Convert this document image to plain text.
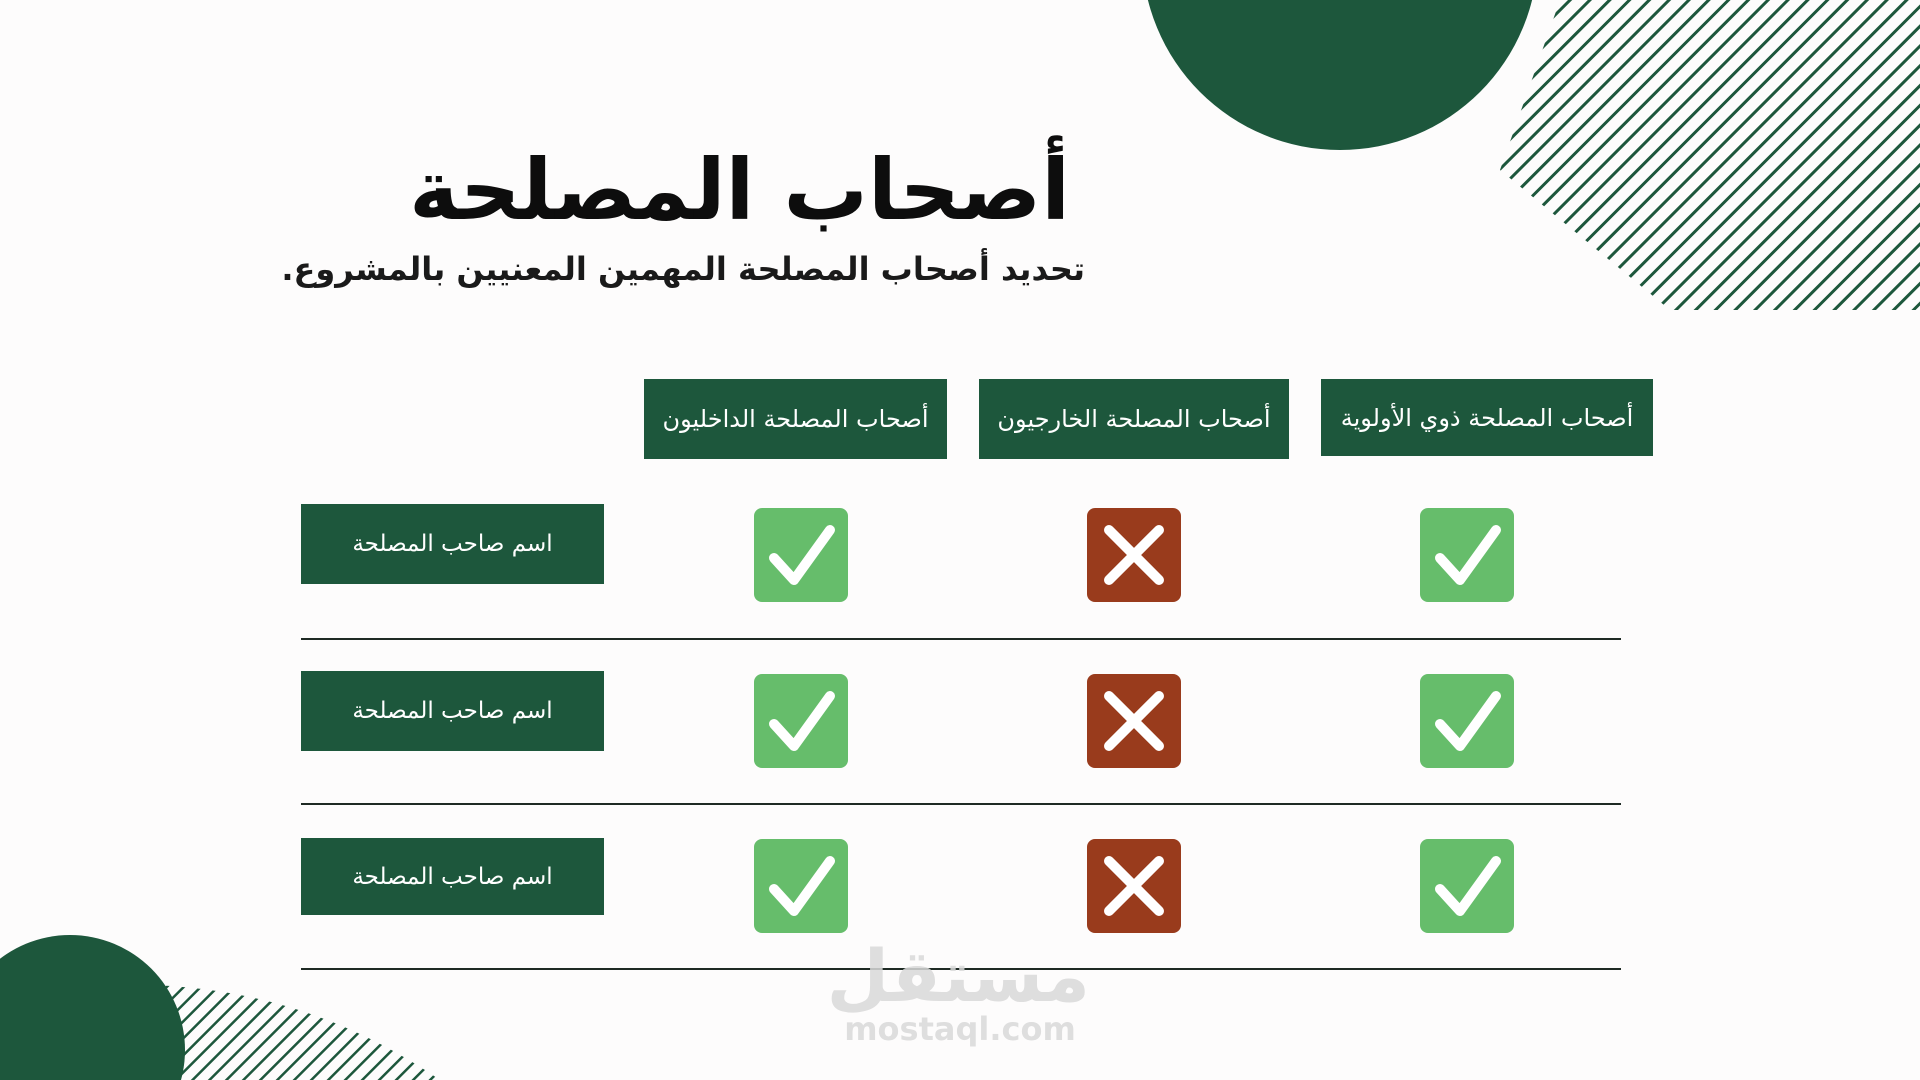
أصحاب المصلحة
تحديد أصحاب المصلحة المهمين المعنيين بالمشروع.
أصحاب المصلحة ذوي الأولوية
أصحاب المصلحة الخارجيون
أصحاب المصلحة الداخليون
اسم صاحب المصلحة
اسم صاحب المصلحة
اسم صاحب المصلحة
مستقل
mostaql.com
